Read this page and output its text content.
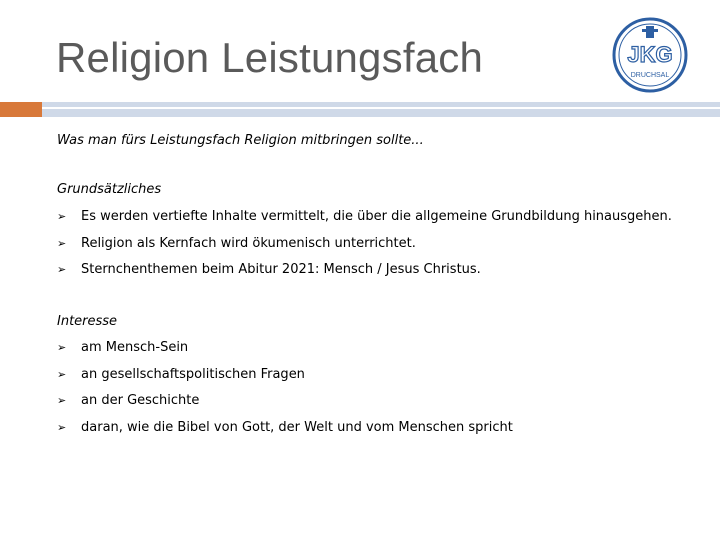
Religion Leistungsfach	JKG
DRUCHSAL
Was man fürs Leistungsfach Religion mitbringen sollte...
Grundsätzliches
➢ Es werden vertiefte Inhalte vermittelt, die über die allgemeine Grundbildung hinausgehen.
➢ Religion als Kernfach wird ökumenisch unterrichtet.
➢ Sternchenthemen beim Abitur 2021: Mensch / Jesus Christus.
Interesse
➢ am Mensch-Sein
➢ an gesellschaftspolitischen Fragen
➢ an der Geschichte
➢ daran, wie die Bibel von Gott, der Welt und vom Menschen spricht
